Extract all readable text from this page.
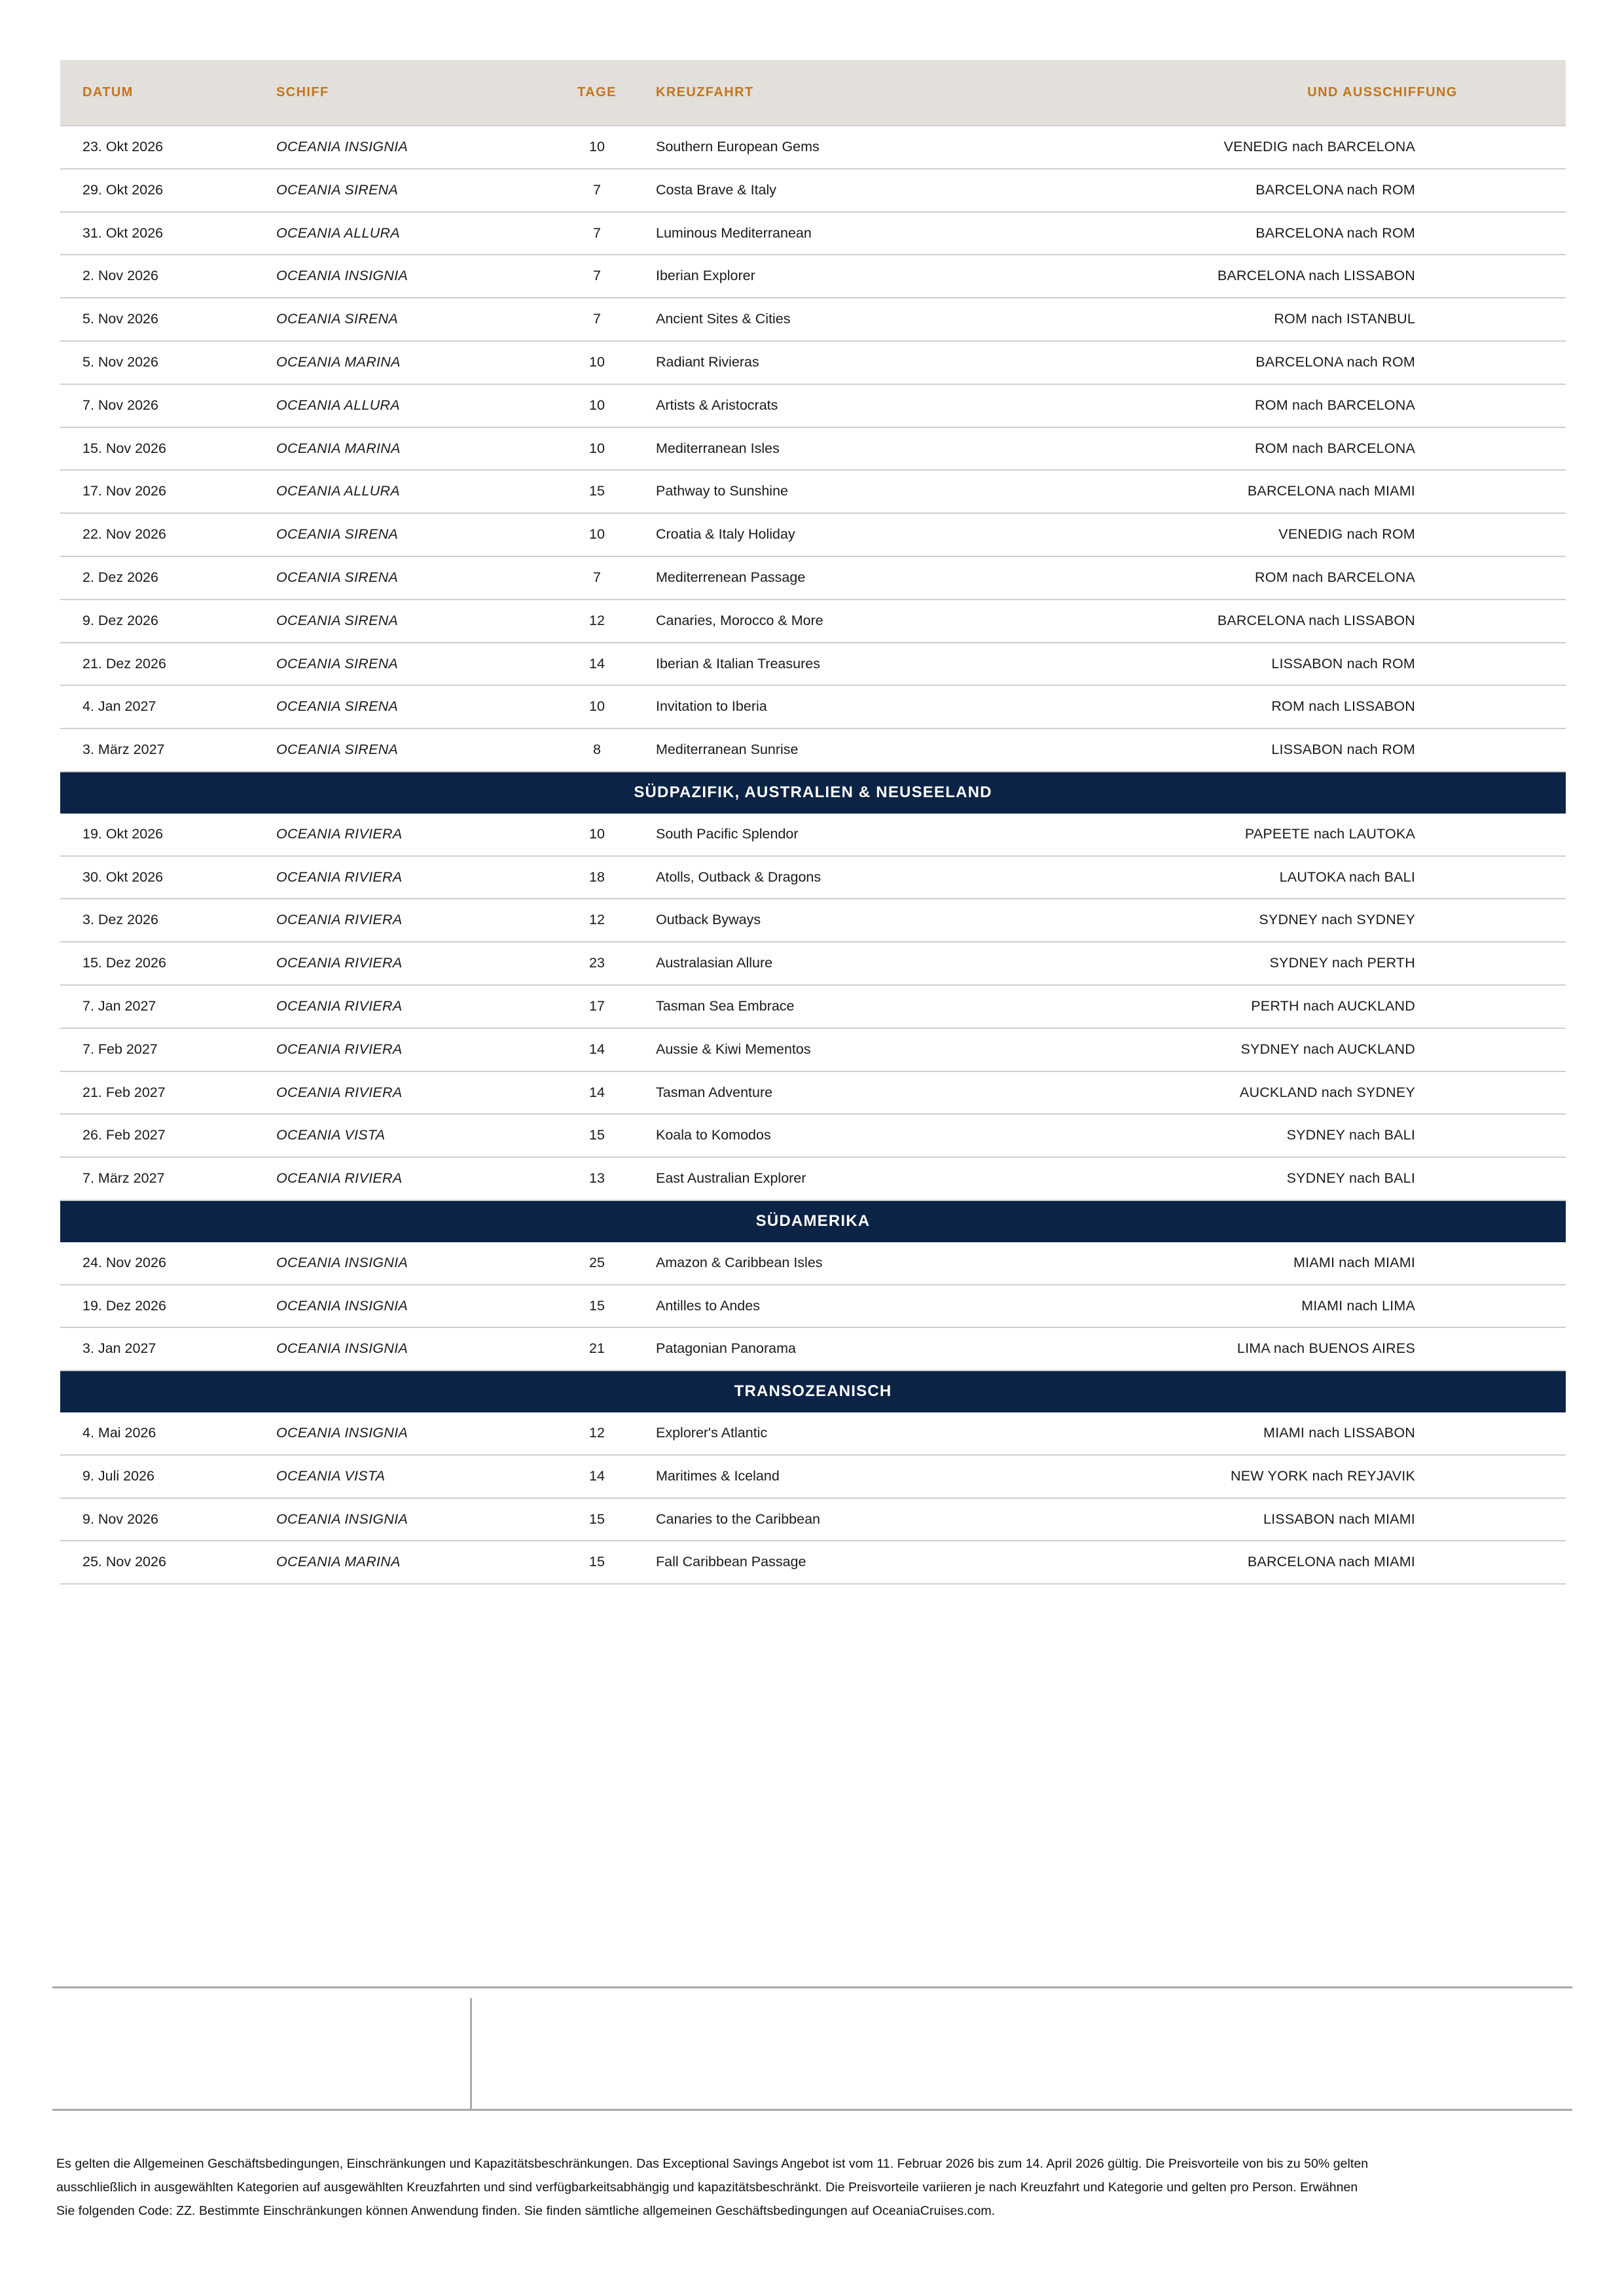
DATUM	SCHIFF	TAGE	KREUZFAHRT	UND AUSSCHIFFUNG
23. Okt 2026	OCEANIA INSIGNIA	10	Southern European Gems	VENEDIG nach BARCELONA
29. Okt 2026	OCEANIA SIRENA	7	Costa Brave & Italy	BARCELONA nach ROM
31. Okt 2026	OCEANIA ALLURA	7	Luminous Mediterranean	BARCELONA nach ROM
2. Nov 2026	OCEANIA INSIGNIA	7	Iberian Explorer	BARCELONA nach LISSABON
5. Nov 2026	OCEANIA SIRENA	7	Ancient Sites & Cities	ROM nach ISTANBUL
5. Nov 2026	OCEANIA MARINA	10	Radiant Rivieras	BARCELONA nach ROM
7. Nov 2026	OCEANIA ALLURA	10	Artists & Aristocrats	ROM nach BARCELONA
15. Nov 2026	OCEANIA MARINA	10	Mediterranean Isles	ROM nach BARCELONA
17. Nov 2026	OCEANIA ALLURA	15	Pathway to Sunshine	BARCELONA nach MIAMI
22. Nov 2026	OCEANIA SIRENA	10	Croatia & Italy Holiday	VENEDIG nach ROM
2. Dez 2026	OCEANIA SIRENA	7	Mediterrenean Passage	ROM nach BARCELONA
9. Dez 2026	OCEANIA SIRENA	12	Canaries, Morocco & More	BARCELONA nach LISSABON
21. Dez 2026	OCEANIA SIRENA	14	Iberian & Italian Treasures	LISSABON nach ROM
4. Jan 2027	OCEANIA SIRENA	10	Invitation to Iberia	ROM nach LISSABON
3. März 2027	OCEANIA SIRENA	8	Mediterranean Sunrise	LISSABON nach ROM
SÜDPAZIFIK, AUSTRALIEN & NEUSEELAND				
19. Okt 2026	OCEANIA RIVIERA	10	South Pacific Splendor	PAPEETE nach LAUTOKA
30. Okt 2026	OCEANIA RIVIERA	18	Atolls, Outback & Dragons	LAUTOKA nach BALI
3. Dez 2026	OCEANIA RIVIERA	12	Outback Byways	SYDNEY nach SYDNEY
15. Dez 2026	OCEANIA RIVIERA	23	Australasian Allure	SYDNEY nach PERTH
7. Jan 2027	OCEANIA RIVIERA	17	Tasman Sea Embrace	PERTH nach AUCKLAND
7. Feb 2027	OCEANIA RIVIERA	14	Aussie & Kiwi Mementos	SYDNEY nach AUCKLAND
21. Feb 2027	OCEANIA RIVIERA	14	Tasman Adventure	AUCKLAND nach SYDNEY
26. Feb 2027	OCEANIA VISTA	15	Koala to Komodos	SYDNEY nach BALI
7. März 2027	OCEANIA RIVIERA	13	East Australian Explorer	SYDNEY nach BALI
SÜDAMERIKA				
24. Nov 2026	OCEANIA INSIGNIA	25	Amazon & Caribbean Isles	MIAMI nach MIAMI
19. Dez 2026	OCEANIA INSIGNIA	15	Antilles to Andes	MIAMI nach LIMA
3. Jan 2027	OCEANIA INSIGNIA	21	Patagonian Panorama	LIMA nach BUENOS AIRES
TRANSOZEANISCH				
4. Mai 2026	OCEANIA INSIGNIA	12	Explorer's Atlantic	MIAMI nach LISSABON
9. Juli 2026	OCEANIA VISTA	14	Maritimes & Iceland	NEW YORK nach REYJAVIK
9. Nov 2026	OCEANIA INSIGNIA	15	Canaries to the Caribbean	LISSABON nach MIAMI
25. Nov 2026	OCEANIA MARINA	15	Fall Caribbean Passage	BARCELONA nach MIAMI

Es gelten die Allgemeinen Geschäftsbedingungen, Einschränkungen und Kapazitätsbeschränkungen. Das Exceptional Savings Angebot ist vom 11. Februar 2026 bis zum 14. April 2026 gültig. Die Preisvorteile von bis zu 50% gelten

ausschließlich in ausgewählten Kategorien auf ausgewählten Kreuzfahrten und sind verfügbarkeitsabhängig und kapazitätsbeschränkt. Die Preisvorteile variieren je nach Kreuzfahrt und Kategorie und gelten pro Person. Erwähnen

Sie folgenden Code: ZZ. Bestimmte Einschränkungen können Anwendung finden. Sie finden sämtliche allgemeinen Geschäftsbedingungen auf OceaniaCruises.com.
